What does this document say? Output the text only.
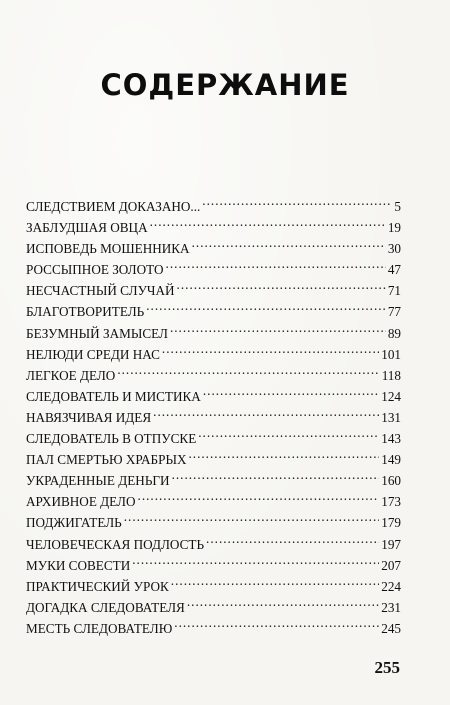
СОДЕРЖАНИЕ
СЛЕДСТВИЕМ ДОКАЗАНО... .....	5
ЗАБЛУДШАЯ ОВЦА .....	19
ИСПОВЕДЬ МОШЕННИКА .....	30
РОССЫПНОЕ ЗОЛОТО .....	47
НЕСЧАСТНЫЙ СЛУЧАЙ .....	71
БЛАГОТВОРИТЕЛЬ .....	77
БЕЗУМНЫЙ ЗАМЫСЕЛ .....	89
НЕЛЮДИ СРЕДИ НАС .....	101
ЛЕГКОЕ ДЕЛО .....	118
СЛЕДОВАТЕЛЬ И МИСТИКА .....	124
НАВЯЗЧИВАЯ ИДЕЯ .....	131
СЛЕДОВАТЕЛЬ В ОТПУСКЕ .....	143
ПАЛ СМЕРТЬЮ ХРАБРЫХ .....	149
УКРАДЕННЫЕ ДЕНЬГИ .....	160
АРХИВНОЕ ДЕЛО .....	173
ПОДЖИГАТЕЛЬ .....	179
ЧЕЛОВЕЧЕСКАЯ ПОДЛОСТЬ .....	197
МУКИ СОВЕСТИ .....	207
ПРАКТИЧЕСКИЙ УРОК .....	224
ДОГАДКА СЛЕДОВАТЕЛЯ .....	231
МЕСТЬ СЛЕДОВАТЕЛЮ .....	245
255
